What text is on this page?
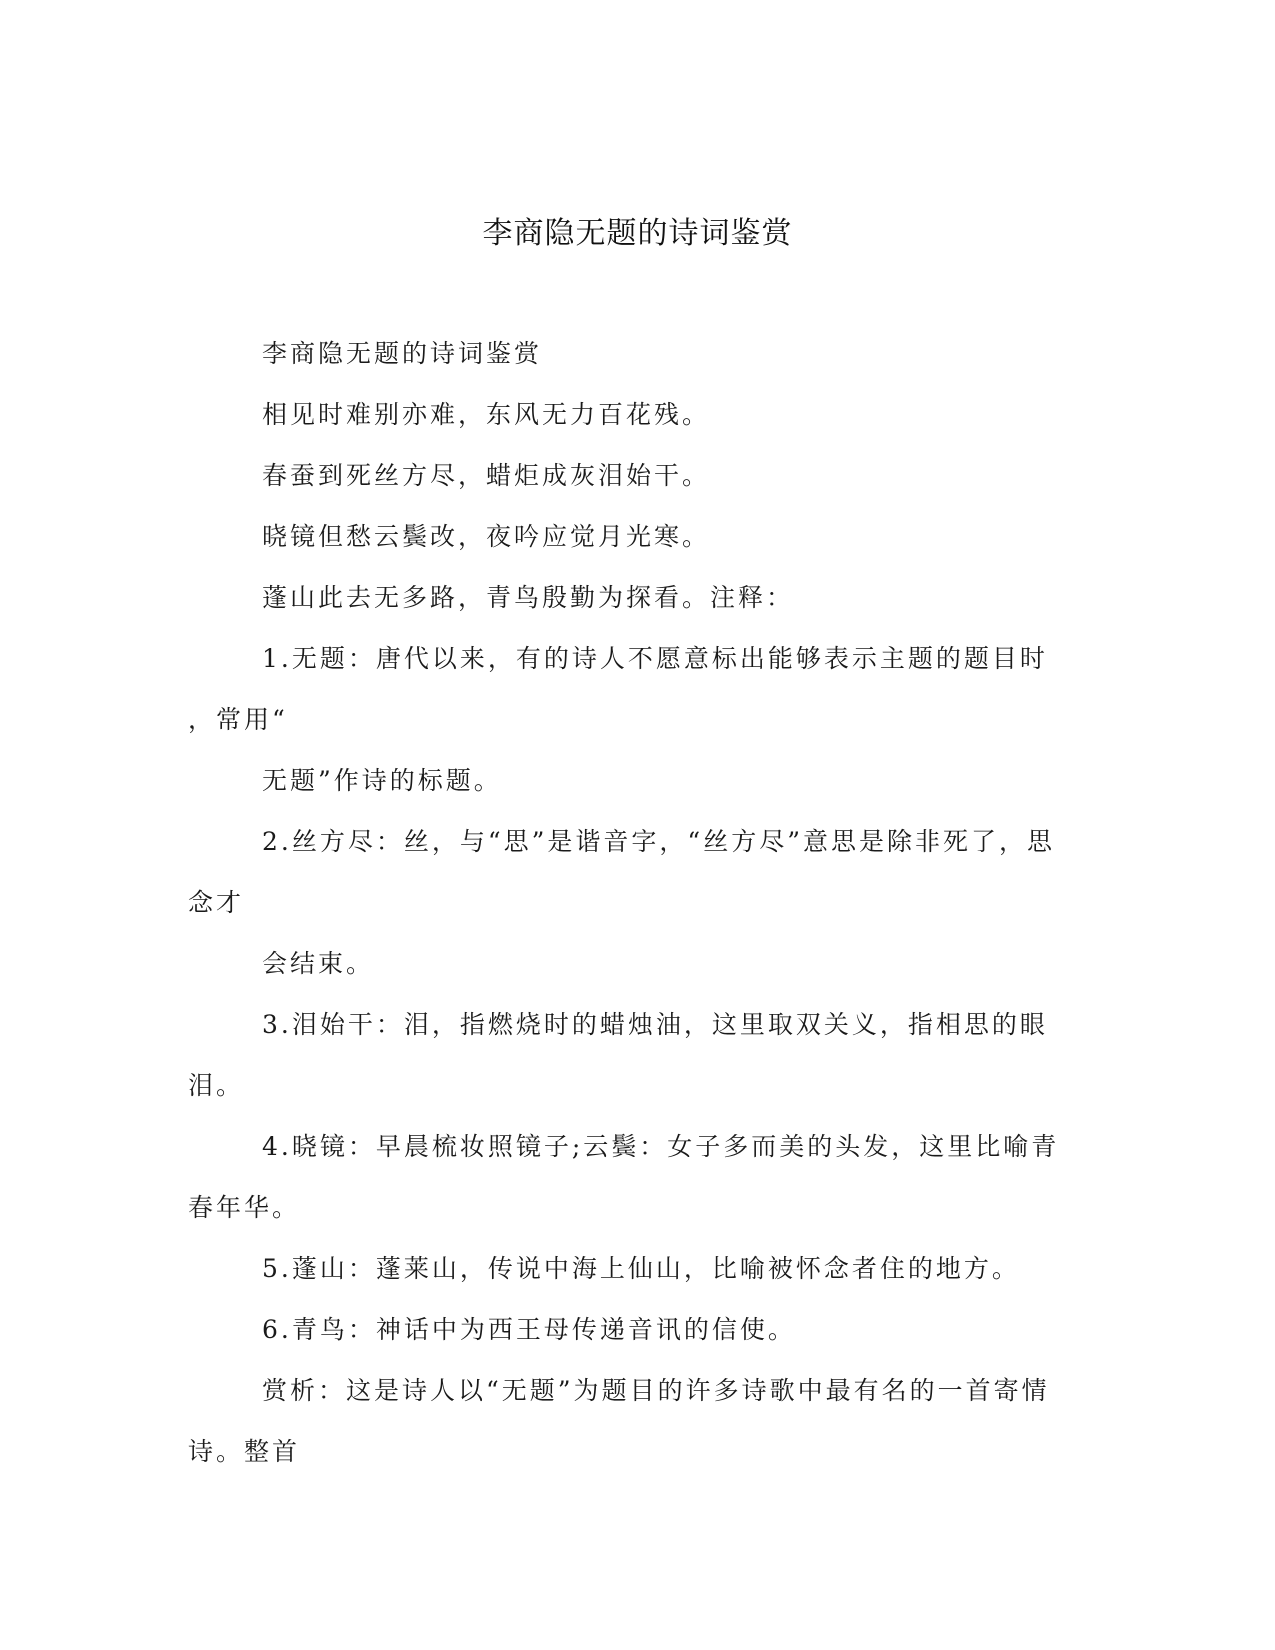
李商隐无题的诗词鉴赏
李商隐无题的诗词鉴赏
相见时难别亦难，东风无力百花残。
春蚕到死丝方尽，蜡炬成灰泪始干。
晓镜但愁云鬓改，夜吟应觉月光寒。
蓬山此去无多路，青鸟殷勤为探看。注释：
1.无题：唐代以来，有的诗人不愿意标出能够表示主题的题目时
，常用“
无题”作诗的标题。
2.丝方尽：丝，与“思”是谐音字，“丝方尽”意思是除非死了，思
念才
会结束。
3.泪始干：泪，指燃烧时的蜡烛油，这里取双关义，指相思的眼
泪。
4.晓镜：早晨梳妆照镜子;云鬓：女子多而美的头发，这里比喻青
春年华。
5.蓬山：蓬莱山，传说中海上仙山，比喻被怀念者住的地方。
6.青鸟：神话中为西王母传递音讯的信使。
赏析：这是诗人以“无题”为题目的许多诗歌中最有名的一首寄情
诗。整首
